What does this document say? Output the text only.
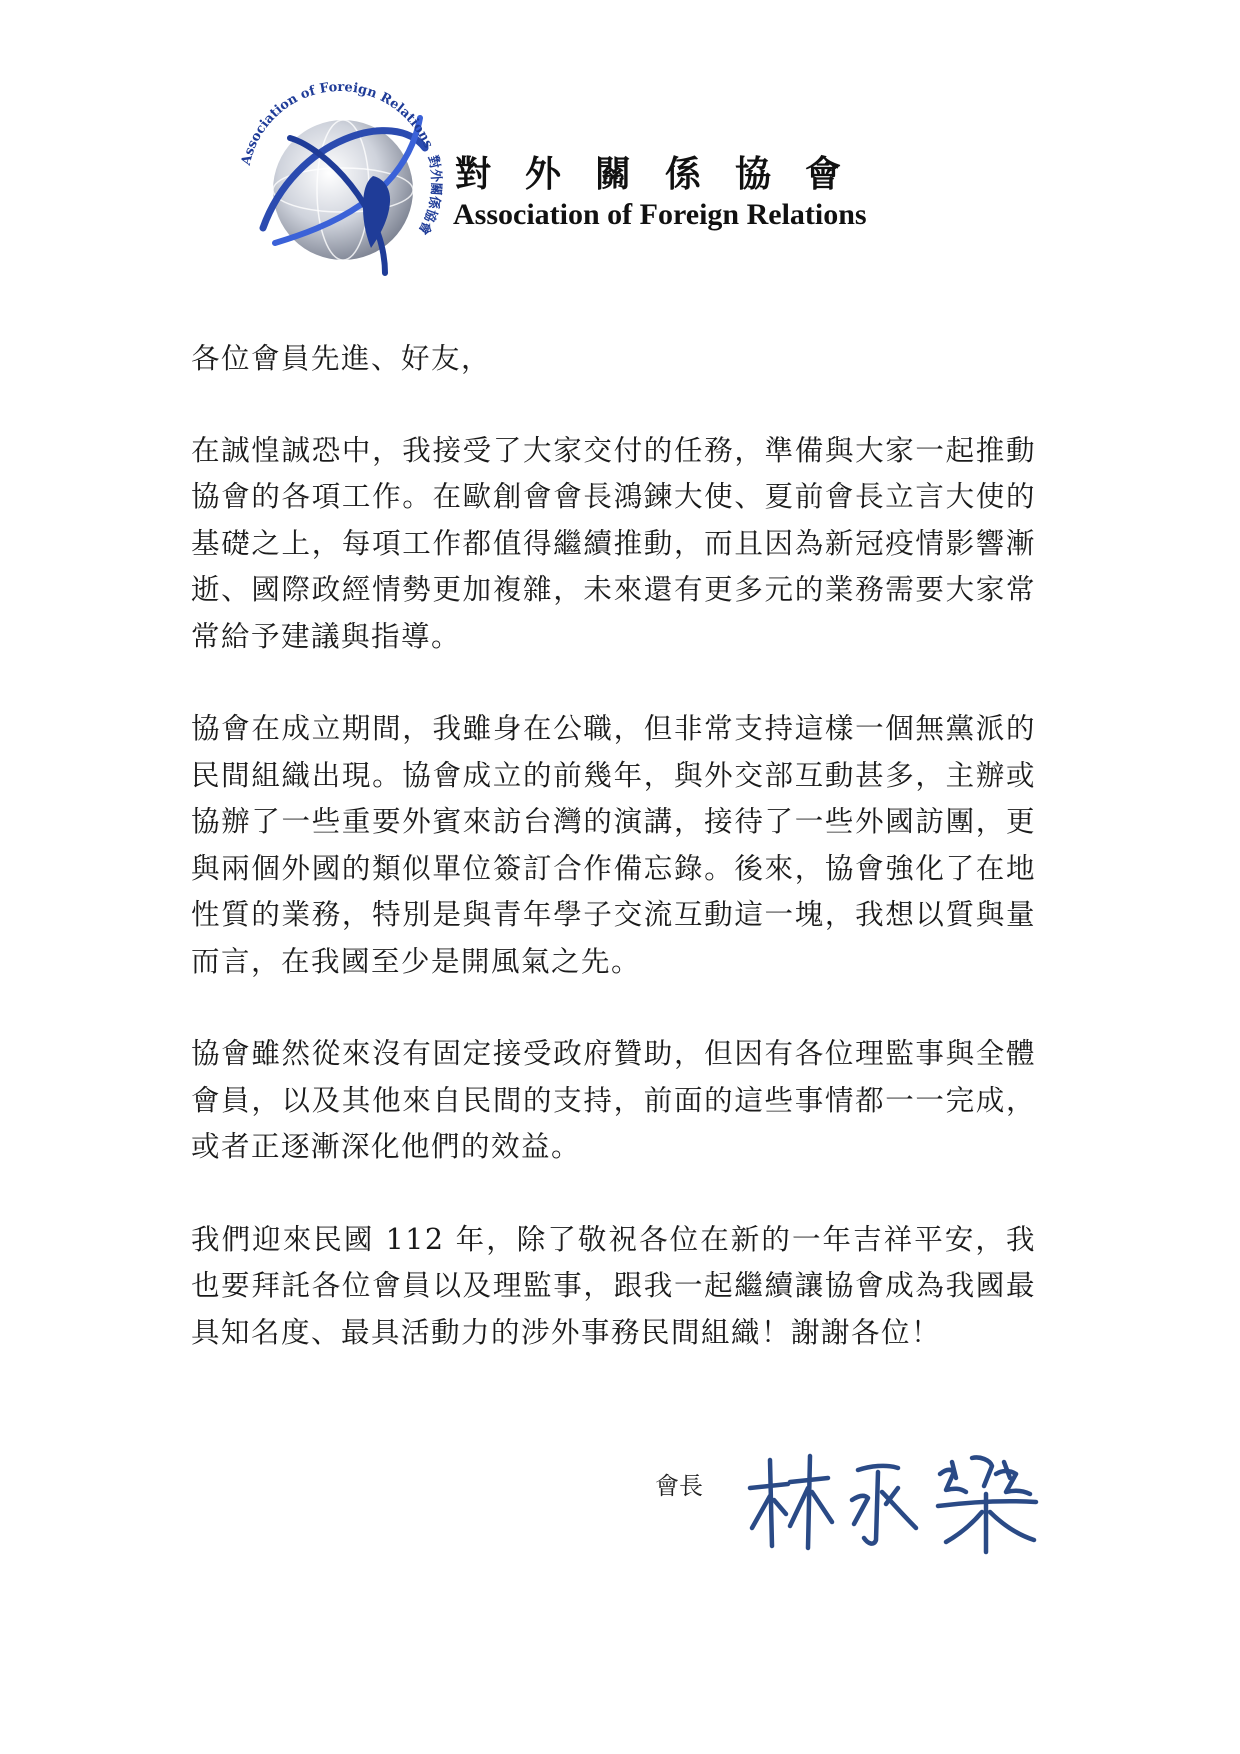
Association of Foreign Relations 對外關係協會
對外關係協會
Association of Foreign Relations

各位會員先進、好友，

在誠惶誠恐中，我接受了大家交付的任務，準備與大家一起推動協會的各項工作。在歐創會會長鴻鍊大使、夏前會長立言大使的基礎之上，每項工作都值得繼續推動，而且因為新冠疫情影響漸逝、國際政經情勢更加複雜，未來還有更多元的業務需要大家常常給予建議與指導。

協會在成立期間，我雖身在公職，但非常支持這樣一個無黨派的民間組織出現。協會成立的前幾年，與外交部互動甚多，主辦或協辦了一些重要外賓來訪台灣的演講，接待了一些外國訪團，更與兩個外國的類似單位簽訂合作備忘錄。後來，協會強化了在地性質的業務，特別是與青年學子交流互動這一塊，我想以質與量而言，在我國至少是開風氣之先。

協會雖然從來沒有固定接受政府贊助，但因有各位理監事與全體會員，以及其他來自民間的支持，前面的這些事情都一一完成，或者正逐漸深化他們的效益。

我們迎來民國 112 年，除了敬祝各位在新的一年吉祥平安，我也要拜託各位會員以及理監事，跟我一起繼續讓協會成為我國最具知名度、最具活動力的涉外事務民間組織！謝謝各位！

會長
